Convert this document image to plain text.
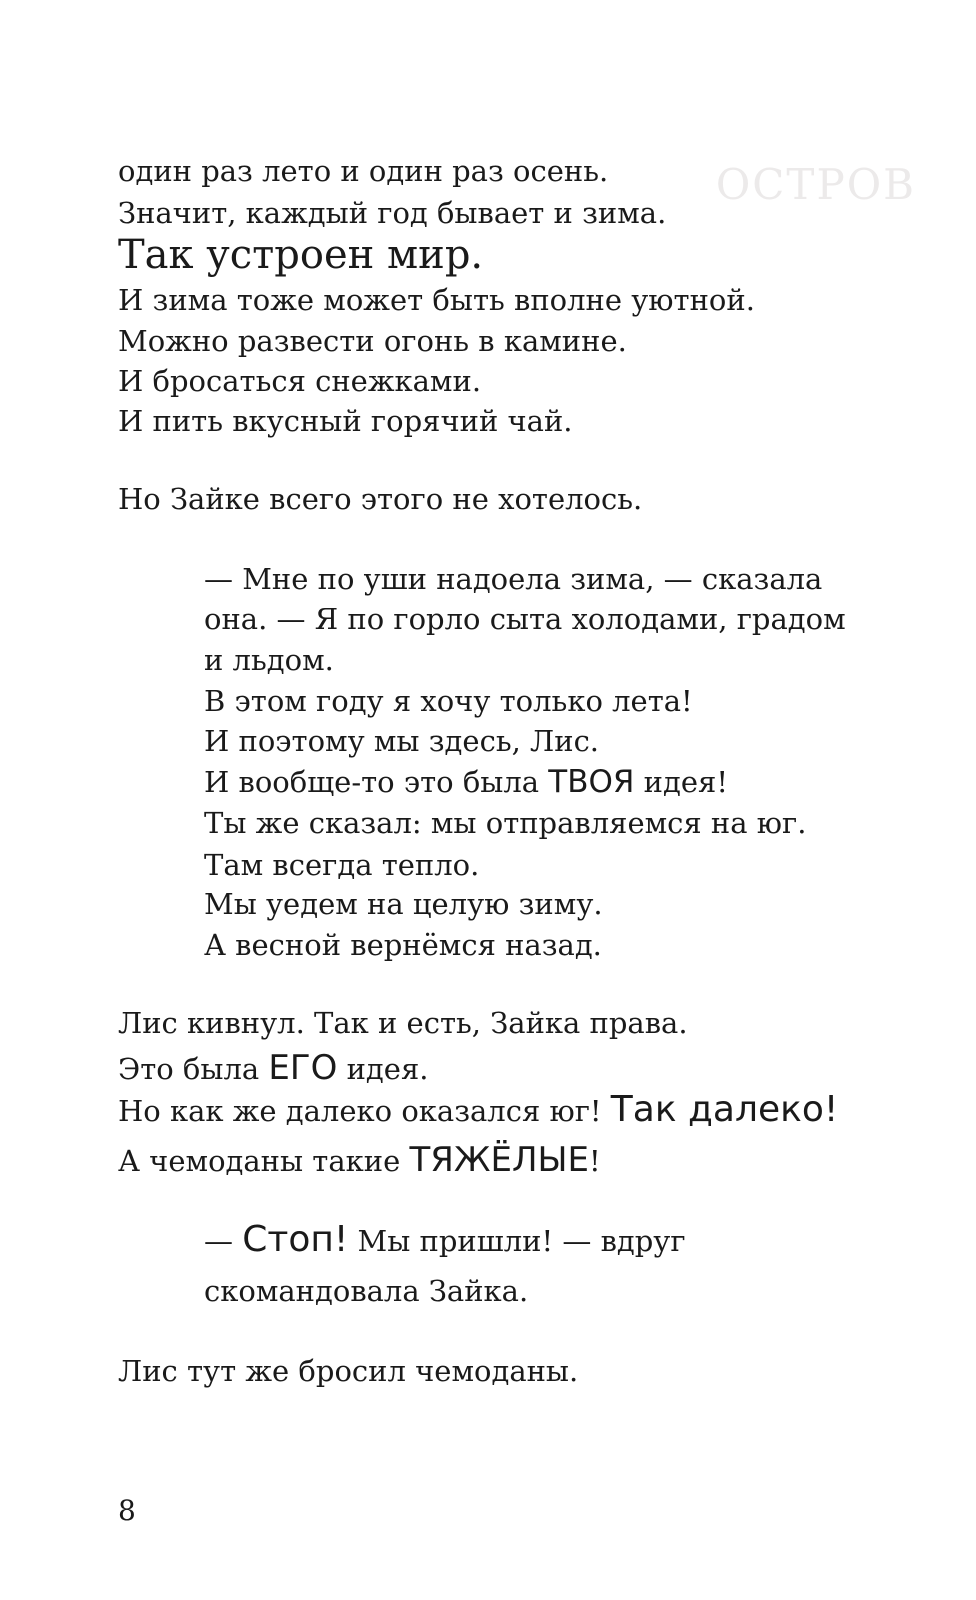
ОСТРОВ

один раз лето и один раз осень.

Значит, каждый год бывает и зима.

Так устроен мир.

И зима тоже может быть вполне уютной.

Можно развести огонь в камине.

И бросаться снежками.

И пить вкусный горячий чай.

Но Зайке всего этого не хотелось.

— Мне по уши надоела зима, — сказала

она. — Я по горло сыта холодами, градом

и льдом.

В этом году я хочу только лета!

И поэтому мы здесь, Лис.

И вообще-то это была ТВОЯ идея!

Ты же сказал: мы отправляемся на юг.

Там всегда тепло.

Мы уедем на целую зиму.

А весной вернёмся назад.

Лис кивнул. Так и есть, Зайка права.

Это была ЕГО идея.

Но как же далеко оказался юг! Так далеко!

А чемоданы такие ТЯЖЁЛЫЕ!

— Стоп! Мы пришли! — вдруг

скомандовала Зайка.

Лис тут же бросил чемоданы.

8
